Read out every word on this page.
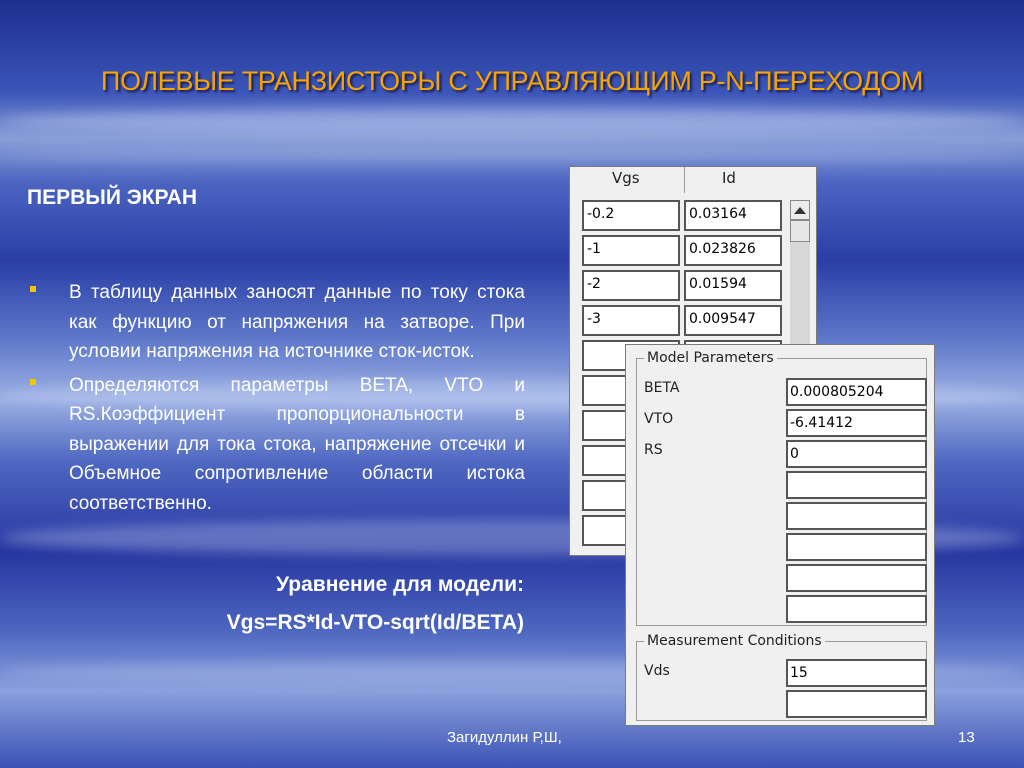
ПОЛЕВЫЕ ТРАНЗИСТОРЫ С УПРАВЛЯЮЩИМ P-N-ПЕРЕХОДОМ
ПЕРВЫЙ ЭКРАН
В таблицу данных заносят данные по току стока как функцию от напряжения на затворе. При условии напряжения на источнике сток-исток.
Определяются параметры BETA, VTO и RS.Коэффициент пропорциональности в выражении для тока стока, напряжение отсечки и Объемное сопротивление области истока соответственно.
Уравнение для модели:
Vgs=RS*Id-VTO-sqrt(Id/BETA)
Загидуллин Р,Ш,	13
Vgs	Id
-0.2	0.03164
-1	0.023826
-2	0.01594
-3	0.009547
Model Parameters
BETA	0.000805204
VTO	-6.41412
RS	0
Measurement Conditions
Vds	15
